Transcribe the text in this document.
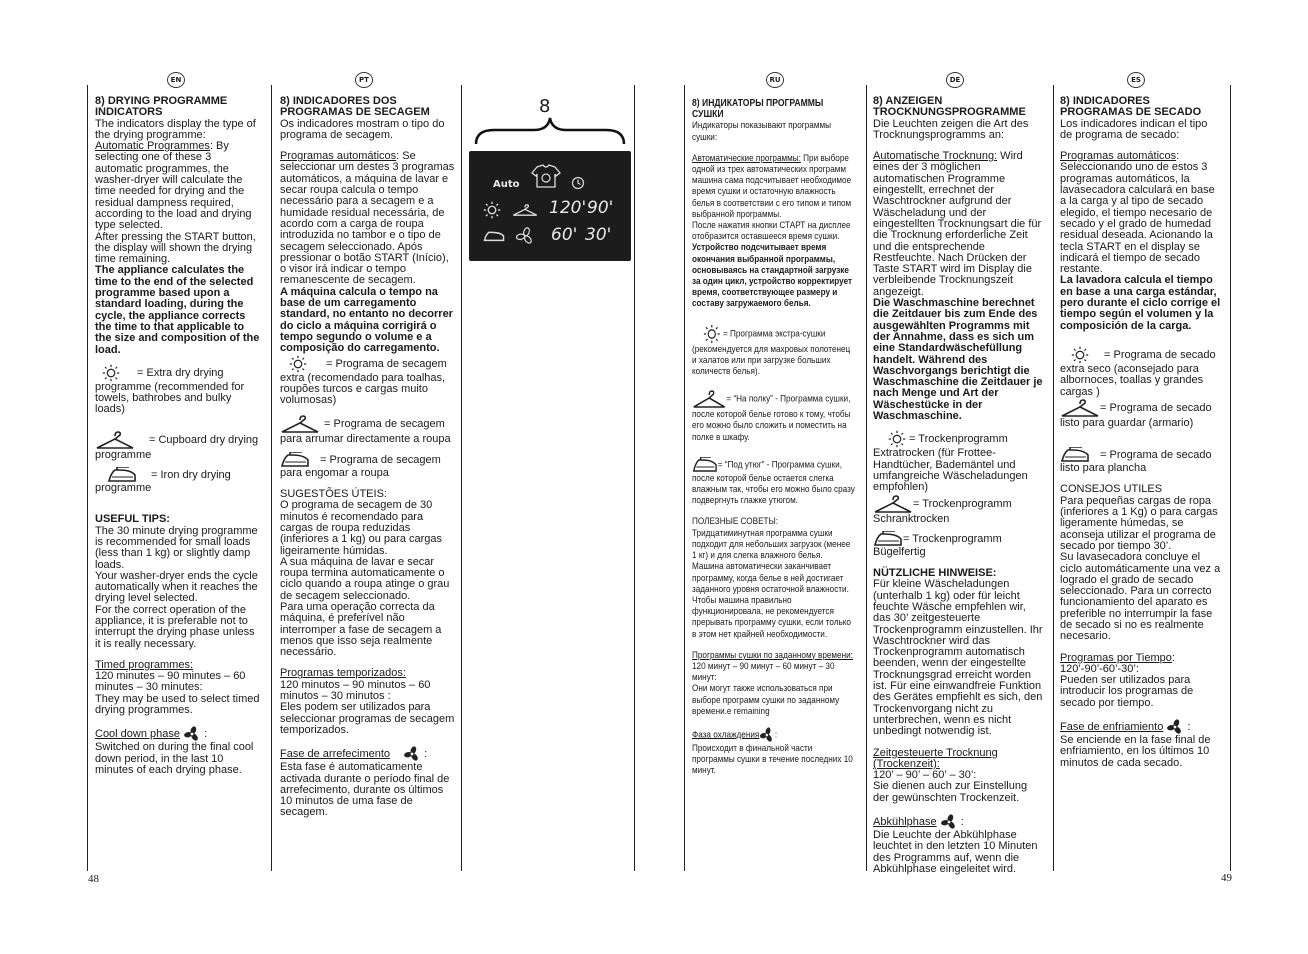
EN	PT	RU	DE	ES
48	49

8) DRYING PROGRAMME INDICATORS

The indicators display the type of the drying programme:

Automatic Programmes: By selecting one of these 3 automatic programmes, the washer-dryer will calculate the time needed for drying and the residual dampness required, according to the load and drying type selected.

After pressing the START button, the display will shown the drying time remaining.

The appliance calculates the time to the end of the selected programme based upon a standard loading, during the cycle, the appliance corrects the time to that applicable to the size and composition of the load.

= Extra dry drying programme (recommended for towels, bathrobes and bulky loads)

= Cupboard dry drying programme

= Iron dry drying programme

USEFUL TIPS:

The 30 minute drying programme is recommended for small loads (less than 1 kg) or slightly damp loads.

Your washer-dryer ends the cycle automatically when it reaches the drying level selected.

For the correct operation of the appliance, it is preferable not to interrupt the drying phase unless it is really necessary.

Timed programmes:

120 minutes – 90 minutes – 60 minutes – 30 minutes:

They may be used to select timed drying programmes.

Cool down phase  :

Switched on during the final cool down period, in the last 10 minutes of each drying phase.

8) INDICADORES DOS PROGRAMAS DE SECAGEM

Os indicadores mostram o tipo do programa de secagem.

Programas automáticos: Se seleccionar um destes 3 programas automáticos, a máquina de lavar e secar roupa calcula o tempo necessário para a secagem e a humidade residual necessária, de acordo com a carga de roupa introduzida no tambor e o tipo de secagem seleccionado. Após pressionar o botão START (Início), o visor irá indicar o tempo remanescente de secagem.

A máquina calcula o tempo na base de um carregamento standard, no entanto no decorrer do ciclo a máquina corrigirá o tempo segundo o volume e a composição do carregamento.

= Programa de secagem extra (recomendado para toalhas, roupões turcos e cargas muito volumosas)

= Programa de secagem para arrumar directamente a roupa

= Programa de secagem para engomar a roupa

SUGESTÕES ÚTEIS:

O programa de secagem de 30 minutos é recomendado para cargas de roupa reduzidas (inferiores a 1 kg) ou para cargas ligeiramente húmidas.

A sua máquina de lavar e secar roupa termina automaticamente o ciclo quando a roupa atinge o grau de secagem seleccionado.

Para uma operação correcta da máquina, é preferível não interromper a fase de secagem a menos que isso seja realmente necessário.

Programas temporizados:

120 minutos – 90 minutos – 60 minutos – 30 minutos :

Eles podem ser utilizados para seleccionar programas de secagem temporizados.

Fase de arrefecimento	:

Esta fase é automaticamente activada durante o período final de arrefecimento, durante os últimos 10 minutos de uma fase de secagem.

8
Auto
120' 90'
60' 30'

8) ИНДИКАТОРЫ ПРОГРАММЫ СУШКИ

Индикаторы показывают программы сушки:

Автоматические программы: При выборе одной из трех автоматических программ машина сама подсчитывает необходимое время сушки и остаточную влажность белья в соответствии с его типом и типом выбранной программы.

После нажатия кнопки СТАРТ на дисплее отобразится оставшееся время сушки.

Устройство подсчитывает время окончания выбранной программы, основываясь на стандартной загрузке за один цикл, устройство корректирует время, соответствующее размеру и составу загружаемого белья.

= Программа экстра-сушки (рекомендуется для махровых полотенец и халатов или при загрузке больших количеств белья).

= “На полку” - Программа сушки, после которой белье готово к тому, чтобы его можно было сложить и поместить на полке в шкафу.

= “Под утюг” - Программа сушки, после которой белье остается слегка влажным так, чтобы его можно было сразу подвергнуть глажке утюгом.

ПОЛЕЗНЫЕ СОВЕТЫ:

Тридцатиминутная программа сушки подходит для небольших загрузок (менее 1 кг) и для слегка влажного белья. Машина автоматически заканчивает программу, когда белье в ней достигает заданного уровня остаточной влажности.

Чтобы машина правильно функционировала, не рекомендуется прерывать программу сушки, если только в этом нет крайней необходимости.

Программы сушки по заданному времени:

120 минут – 90 минут – 60 минут – 30 минут:

Они могут также использоваться при выборе программ сушки по заданному времени.е remaining

Фаза охлаждения :

Происходит в финальной части программы сушки в течение последних 10 минут.

8) ANZEIGEN TROCKNUNGSPROGRAMME

Die Leuchten zeigen die Art des Trocknungsprogramms an:

Automatische Trocknung: Wird eines der 3 möglichen automatischen Programme eingestellt, errechnet der Waschtrockner aufgrund der Wäscheladung und der eingestellten Trocknungsart die für die Trocknung erforderliche Zeit und die entsprechende Restfeuchte. Nach Drücken der Taste START wird im Display die verbleibende Trocknungszeit angezeigt.

Die Waschmaschine berechnet die Zeitdauer bis zum Ende des ausgewählten Programms mit der Annahme, dass es sich um eine Standardwäschefüllung handelt. Während des Waschvorgangs berichtigt die Waschmaschine die Zeitdauer je nach Menge und Art der Wäschestücke in der Waschmaschine.

= Trockenprogramm Extratrocken (für Frottee-Handtücher, Bademäntel und umfangreiche Wäscheladungen empfohlen)

= Trockenprogramm Schranktrocken

= Trockenprogramm Bügelfertig

NÜTZLICHE HINWEISE:

Für kleine Wäscheladungen (unterhalb 1 kg) oder für leicht feuchte Wäsche empfehlen wir, das 30’ zeitgesteuerte Trockenprogramm einzustellen. Ihr Waschtrockner wird das Trockenprogramm automatisch beenden, wenn der eingestellte Trocknungsgrad erreicht worden ist. Für eine einwandfreie Funktion des Gerätes empfiehlt es sich, den Trockenvorgang nicht zu unterbrechen, wenn es nicht unbedingt notwendig ist.

Zeitgesteuerte Trocknung (Trockenzeit):

120’ – 90’ – 60’ – 30’:

Sie dienen auch zur Einstellung der gewünschten Trockenzeit.

Abkühlphase  :

Die Leuchte der Abkühlphase leuchtet in den letzten 10 Minuten des Programms auf, wenn die Abkühlphase eingeleitet wird.

8) INDICADORES PROGRAMAS DE SECADO

Los indicadores indican el tipo de programa de secado:

Programas automáticos: Seleccionando uno de estos 3 programas automáticos, la lavasecadora calculará en base a la carga y al tipo de secado elegido, el tiempo necesario de secado y el grado de humedad residual deseada. Acionando la tecla START en el display se indicará el tiempo de secado restante.

La lavadora calcula el tiempo en base a una carga estándar, pero durante el ciclo corrige el tiempo según el volumen y la composición de la carga.

= Programa de secado extra seco (aconsejado para albornoces, toallas y grandes cargas )

= Programa de secado listo para guardar (armario)

= Programa de secado listo para plancha

CONSEJOS UTILES

Para pequeñas cargas de ropa (inferiores a 1 Kg) o para cargas ligeramente húmedas, se aconseja utilizar el programa de secado por tiempo 30’.

Su lavasecadora concluye el ciclo automáticamente una vez a logrado el grado de secado seleccionado. Para un correcto funcionamiento del aparato es preferible no interrumpir la fase de secado si no es realmente necesario.

Programas por Tiempo:

120’-90’-60’-30’:

Pueden ser utilizados para introducir los programas de secado por tiempo.

Fase de enfriamiento  :

Se enciende en la fase final de enfriamiento, en los últimos 10 minutos de cada secado.
